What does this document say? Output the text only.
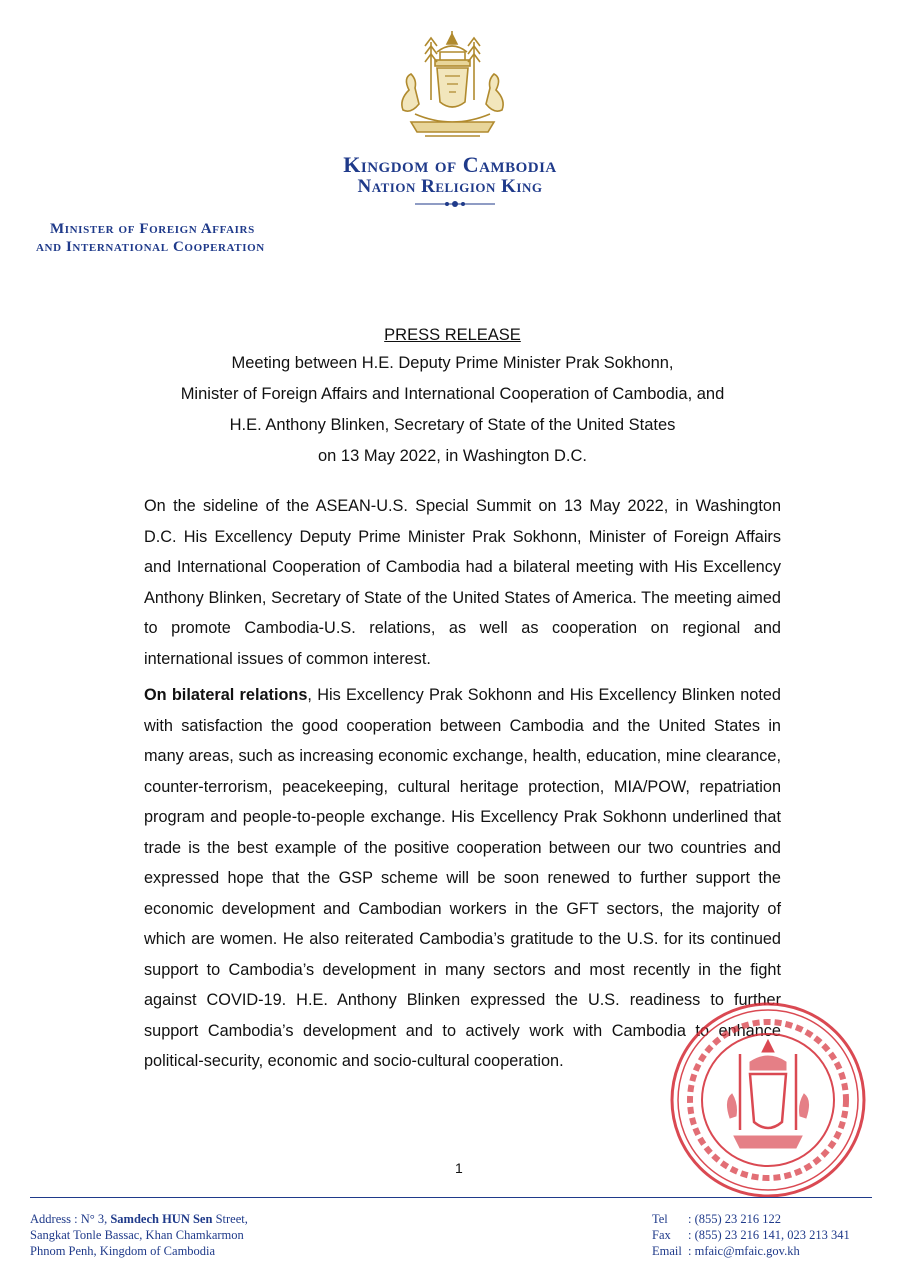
Kingdom of Cambodia
Nation Religion King
Minister of Foreign Affairs
and International Cooperation
PRESS RELEASE
Meeting between H.E. Deputy Prime Minister Prak Sokhonn,
Minister of Foreign Affairs and International Cooperation of Cambodia, and
H.E. Anthony Blinken, Secretary of State of the United States
on 13 May 2022, in Washington D.C.

On the sideline of the ASEAN-U.S. Special Summit on 13 May 2022, in Washington D.C. His Excellency Deputy Prime Minister Prak Sokhonn, Minister of Foreign Affairs and International Cooperation of Cambodia had a bilateral meeting with His Excellency Anthony Blinken, Secretary of State of the United States of America. The meeting aimed to promote Cambodia-U.S. relations, as well as cooperation on regional and international issues of common interest.

On bilateral relations, His Excellency Prak Sokhonn and His Excellency Blinken noted with satisfaction the good cooperation between Cambodia and the United States in many areas, such as increasing economic exchange, health, education, mine clearance, counter-terrorism, peacekeeping, cultural heritage protection, MIA/POW, repatriation program and people-to-people exchange. His Excellency Prak Sokhonn underlined that trade is the best example of the positive cooperation between our two countries and expressed hope that the GSP scheme will be soon renewed to further support the economic development and Cambodian workers in the GFT sectors, the majority of which are women. He also reiterated Cambodia’s gratitude to the U.S. for its continued support to Cambodia’s development in many sectors and most recently in the fight against COVID-19. H.E. Anthony Blinken expressed the U.S. readiness to further support Cambodia’s development and to actively work with Cambodia to enhance political-security, economic and socio-cultural cooperation.

1
Address : N° 3, Samdech HUN Sen Street,
Sangkat Tonle Bassac, Khan Chamkarmon
Phnom Penh, Kingdom of Cambodia
Tel : (855) 23 216 122
Fax : (855) 23 216 141, 023 213 341
Email : mfaic@mfaic.gov.kh
